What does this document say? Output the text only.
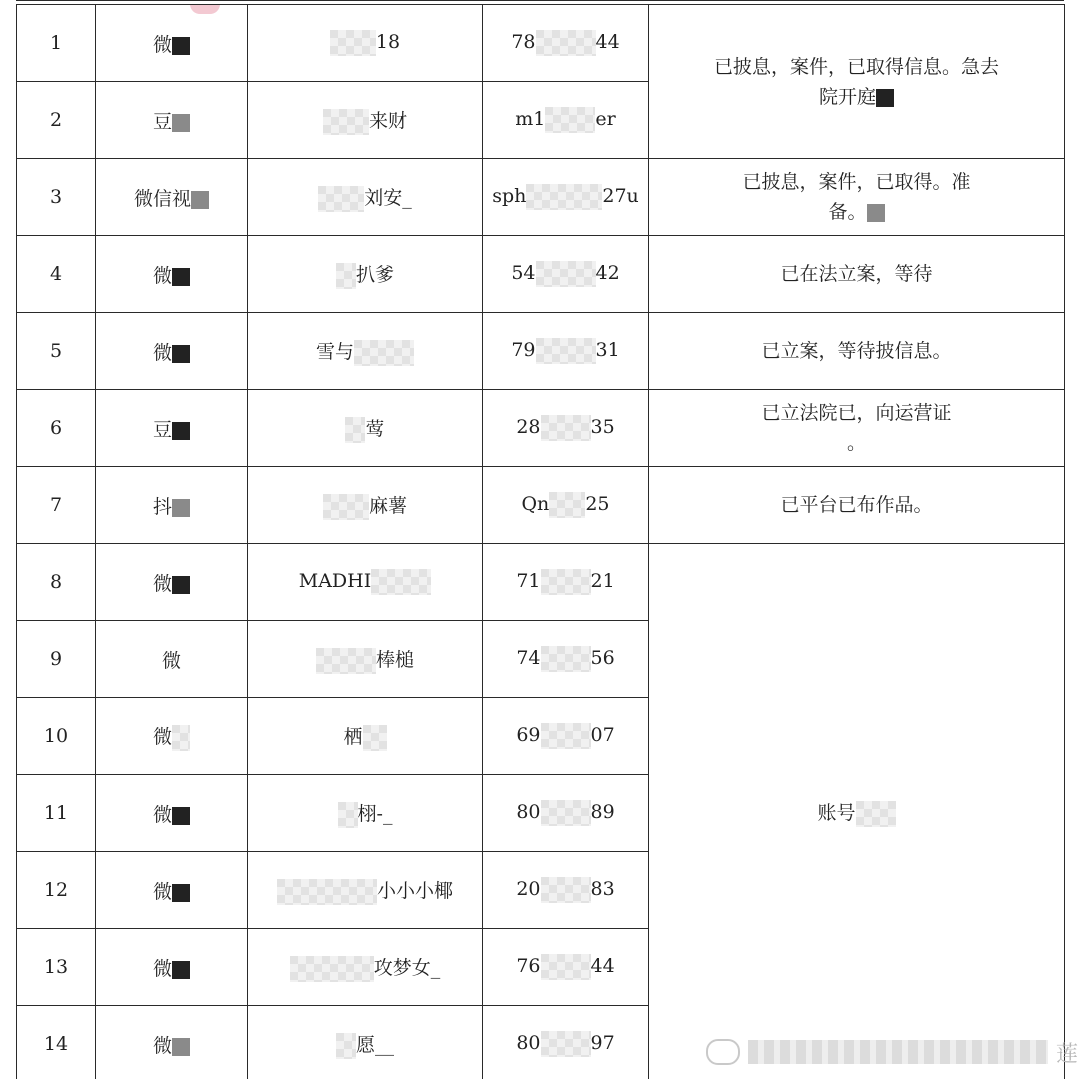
1	微	18	78 44	已披息，案件，已取得信息。急去
院开庭
2	豆	来财	m1 er	
3	微信视	刘安_	sph 27u	已披息，案件，已取得。准
备。
4	微	扒爹	54 42	已在法立案，等待
5	微	雪与	79 31	已立案，等待披信息。
6	豆	莺	28 35	已立法院已，向运营证
。
7	抖	麻薯	Qn 25	已平台已布作品。
8	微	MADHI	71 21	账号
9	微	棒槌	74 56	
10	微	栖	69 07	
11	微	栩-_	80 89	
12	微	小小小椰	20 83	
13	微	攻梦女_	76 44	
14	微	愿__	80 97		莲
